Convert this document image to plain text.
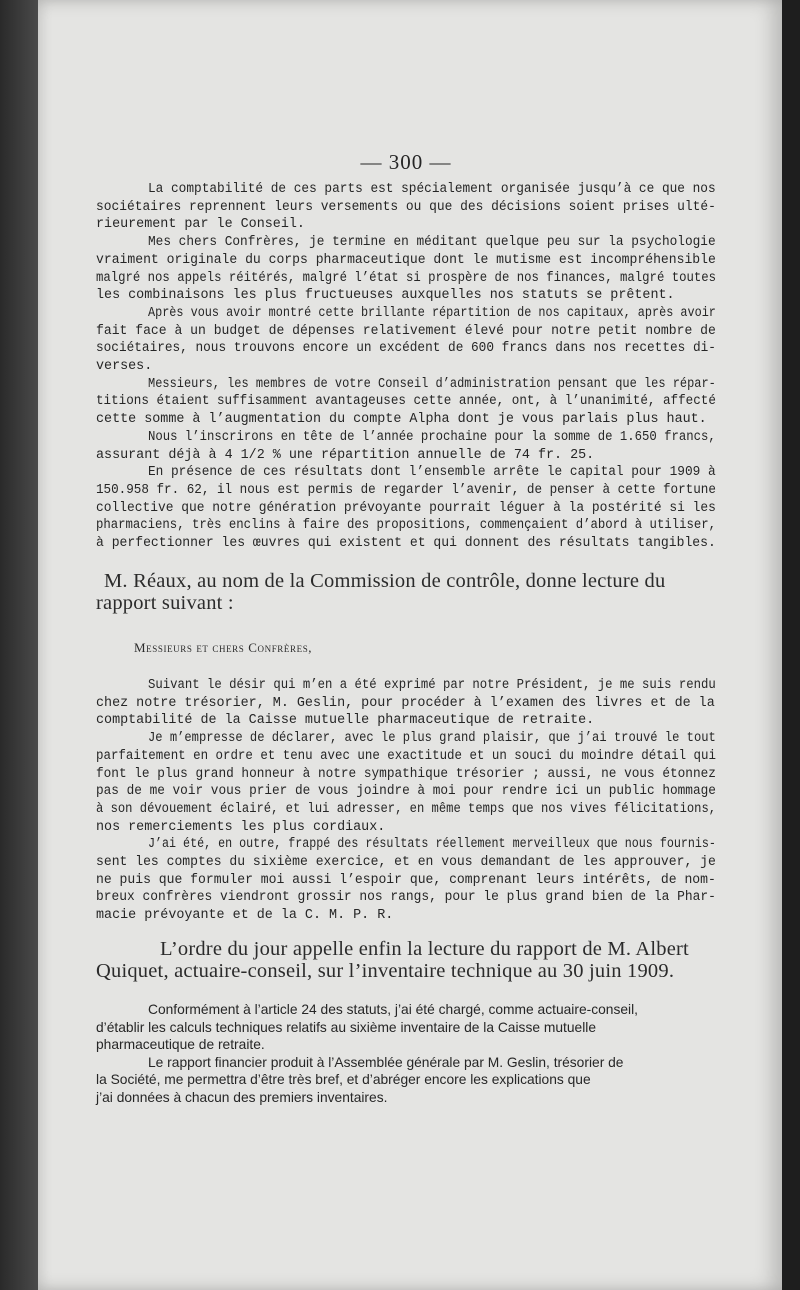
— 300 —

La comptabilité de ces parts est spécialement organisée jusqu’à ce que nos
sociétaires reprennent leurs versements ou que des décisions soient prises ulté-
rieurement par le Conseil.

Mes chers Confrères, je termine en méditant quelque peu sur la psychologie
vraiment originale du corps pharmaceutique dont le mutisme est incompréhensible
malgré nos appels réitérés, malgré l’état si prospère de nos finances, malgré toutes
les combinaisons les plus fructueuses auxquelles nos statuts se prêtent.

Après vous avoir montré cette brillante répartition de nos capitaux, après avoir
fait face à un budget de dépenses relativement élevé pour notre petit nombre de
sociétaires, nous trouvons encore un excédent de 600 francs dans nos recettes di-
verses.

Messieurs, les membres de votre Conseil d’administration pensant que les répar-
titions étaient suffisamment avantageuses cette année, ont, à l’unanimité, affecté
cette somme à l’augmentation du compte Alpha dont je vous parlais plus haut.

Nous l’inscrirons en tête de l’année prochaine pour la somme de 1.650 francs,
assurant déjà à 4 1/2 % une répartition annuelle de 74 fr. 25.

En présence de ces résultats dont l’ensemble arrête le capital pour 1909 à
150.958 fr. 62, il nous est permis de regarder l’avenir, de penser à cette fortune
collective que notre génération prévoyante pourrait léguer à la postérité si les
pharmaciens, très enclins à faire des propositions, commençaient d’abord à utiliser,
à perfectionner les œuvres qui existent et qui donnent des résultats tangibles.

M. Réaux, au nom de la Commission de contrôle, donne lecture du
rapport suivant :

Messieurs et chers Confrères,

Suivant le désir qui m’en a été exprimé par notre Président, je me suis rendu
chez notre trésorier, M. Geslin, pour procéder à l’examen des livres et de la
comptabilité de la Caisse mutuelle pharmaceutique de retraite.

Je m’empresse de déclarer, avec le plus grand plaisir, que j’ai trouvé le tout
parfaitement en ordre et tenu avec une exactitude et un souci du moindre détail qui
font le plus grand honneur à notre sympathique trésorier ; aussi, ne vous étonnez
pas de me voir vous prier de vous joindre à moi pour rendre ici un public hommage
à son dévouement éclairé, et lui adresser, en même temps que nos vives félicitations,
nos remerciements les plus cordiaux.

J’ai été, en outre, frappé des résultats réellement merveilleux que nous fournis-
sent les comptes du sixième exercice, et en vous demandant de les approuver, je
ne puis que formuler moi aussi l’espoir que, comprenant leurs intérêts, de nom-
breux confrères viendront grossir nos rangs, pour le plus grand bien de la Phar-
macie prévoyante et de la C. M. P. R.

L’ordre du jour appelle enfin la lecture du rapport de M. Albert
Quiquet, actuaire-conseil, sur l’inventaire technique au 30 juin 1909.

Conformément à l’article 24 des statuts, j’ai été chargé, comme actuaire-conseil,
d’établir les calculs techniques relatifs au sixième inventaire de la Caisse mutuelle
pharmaceutique de retraite.

Le rapport financier produit à l’Assemblée générale par M. Geslin, trésorier de
la Société, me permettra d’être très bref, et d’abréger encore les explications que
j’ai données à chacun des premiers inventaires.
